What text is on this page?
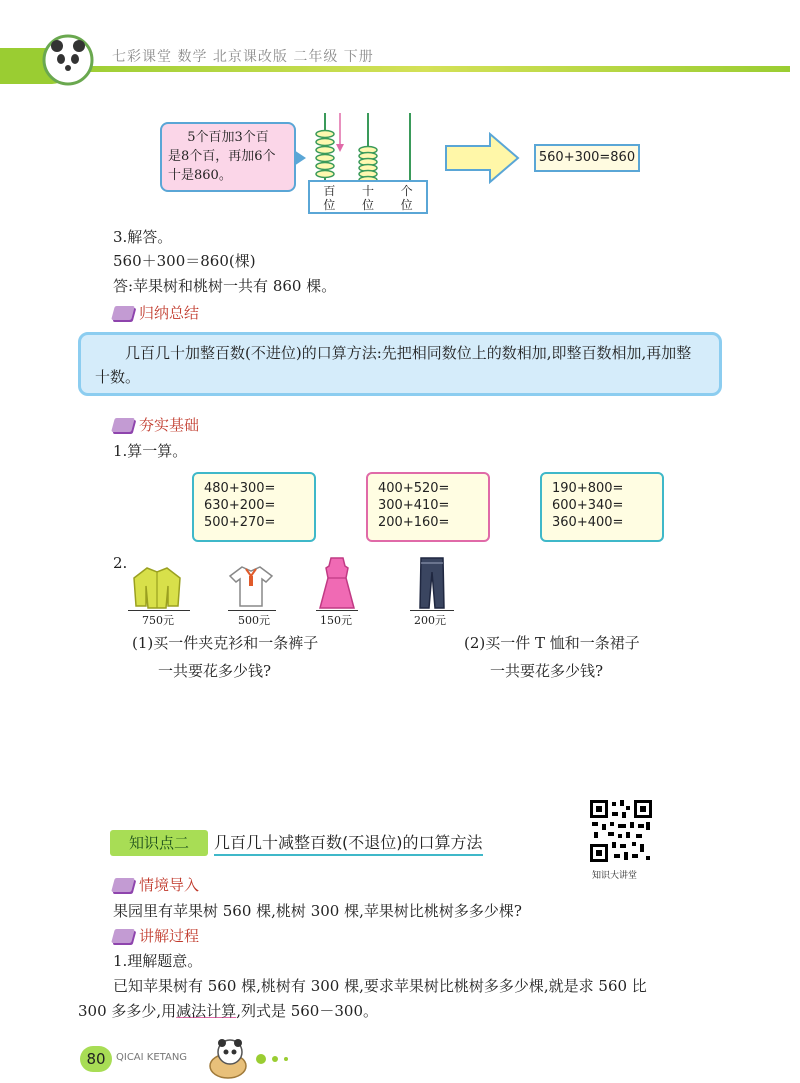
七彩课堂 数学 北京课改版 二年级 下册
5个百加3个百
是8个百，再加6个
十是860。
百
位
十
位
个
位
560+300=860
3.解答。
560＋300＝860(棵)
答:苹果树和桃树一共有 860 棵。
归纳总结
几百几十加整百数(不进位)的口算方法:先把相同数位上的数相加,即整百数相加,再加整十数。
夯实基础
1.算一算。
480+300=
630+200=
500+270=
400+520=
300+410=
200+160=
190+800=
600+340=
360+400=
2.
750元	500元	150元	200元
(1)买一件夹克衫和一条裤子
一共要花多少钱?
(2)买一件 T 恤和一条裙子
一共要花多少钱?
知识点二	几百几十减整百数(不退位)的口算方法
知识大讲堂
情境导入
果园里有苹果树 560 棵,桃树 300 棵,苹果树比桃树多多少棵?
讲解过程
1.理解题意。
已知苹果树有 560 棵,桃树有 300 棵,要求苹果树比桃树多多少棵,就是求 560 比
300 多多少,用减法计算,列式是 560－300。
80	QICAI KETANG
